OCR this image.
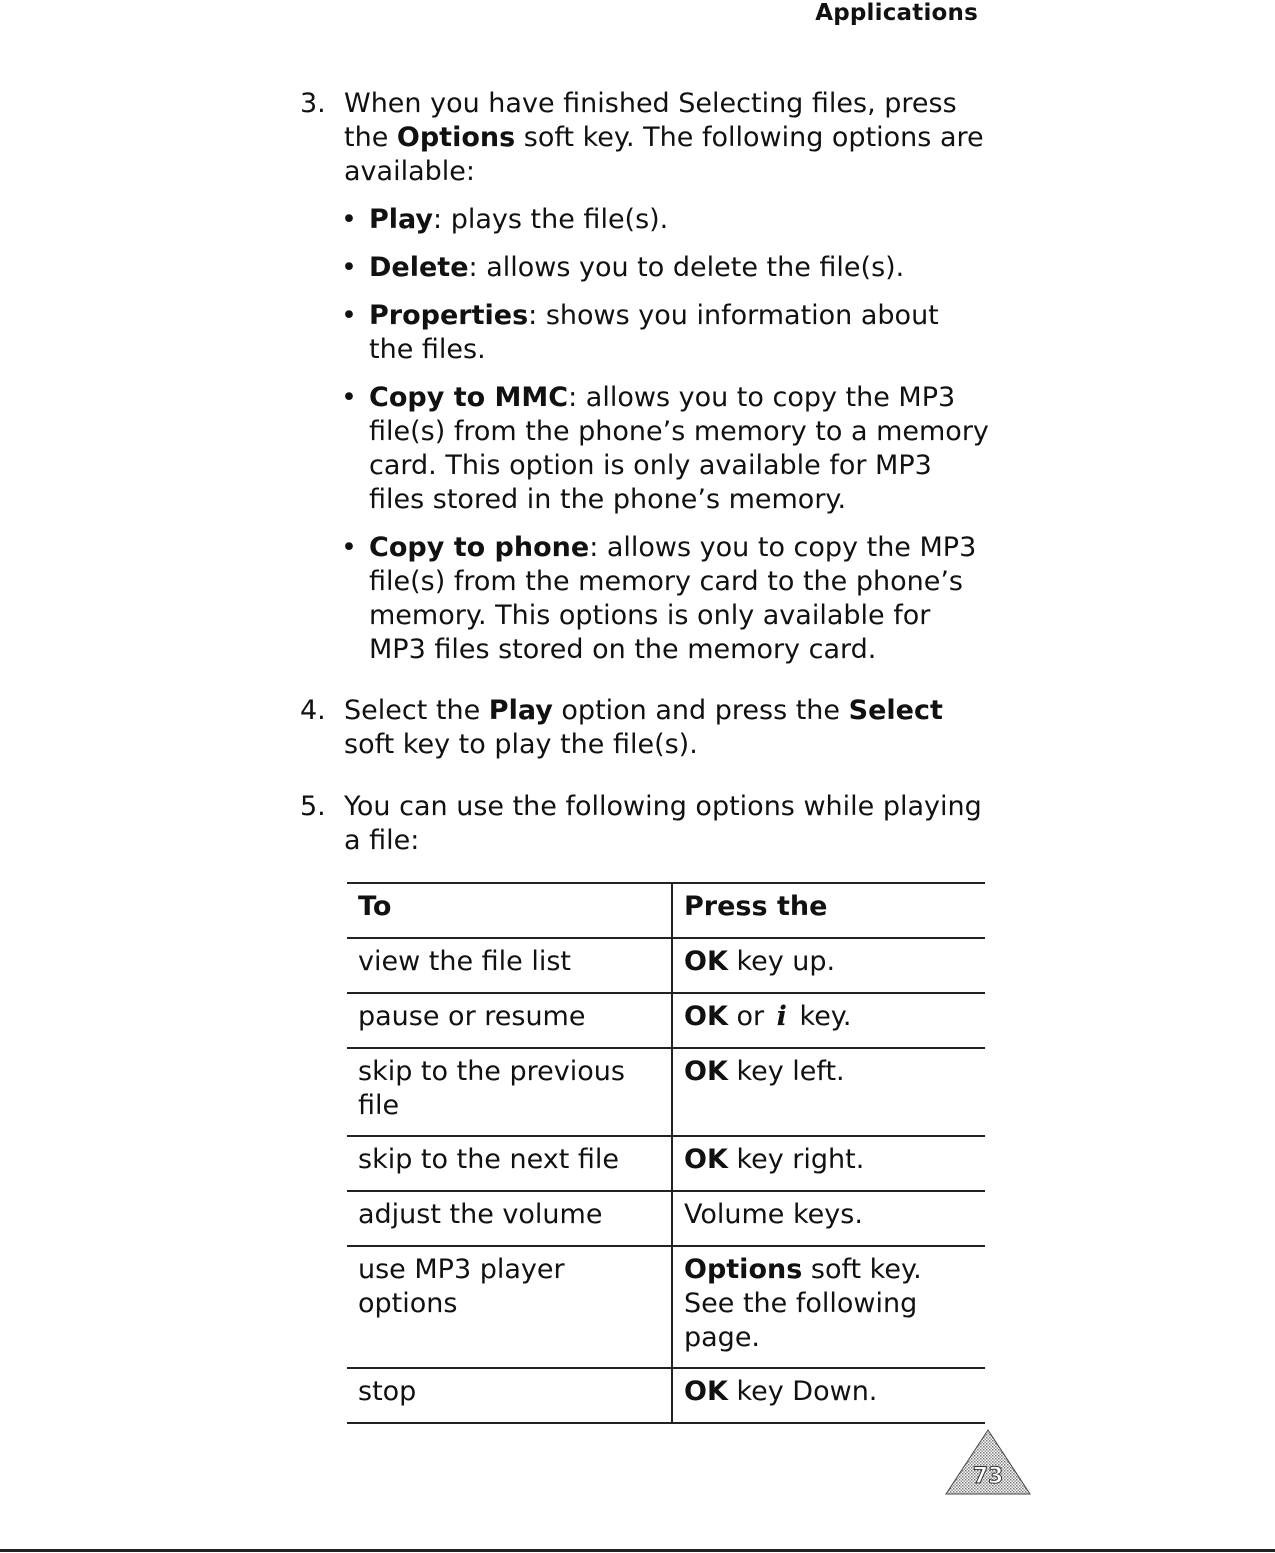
Applications
3. When you have finished Selecting files, press the Options soft key. The following options are available:
• Play: plays the file(s).
• Delete: allows you to delete the file(s).
• Properties: shows you information about the files.
• Copy to MMC: allows you to copy the MP3 file(s) from the phone’s memory to a memory card. This option is only available for MP3 files stored in the phone’s memory.
• Copy to phone: allows you to copy the MP3 file(s) from the memory card to the phone’s memory. This options is only available for MP3 files stored on the memory card.
4. Select the Play option and press the Select soft key to play the file(s).
5. You can use the following options while playing a file:
To	Press the
view the file list	OK key up.
pause or resume	OK or i key.
skip to the previous file	OK key left.
skip to the next file	OK key right.
adjust the volume	Volume keys.
use MP3 player options	Options soft key. See the following page.
stop	OK key Down.
73
